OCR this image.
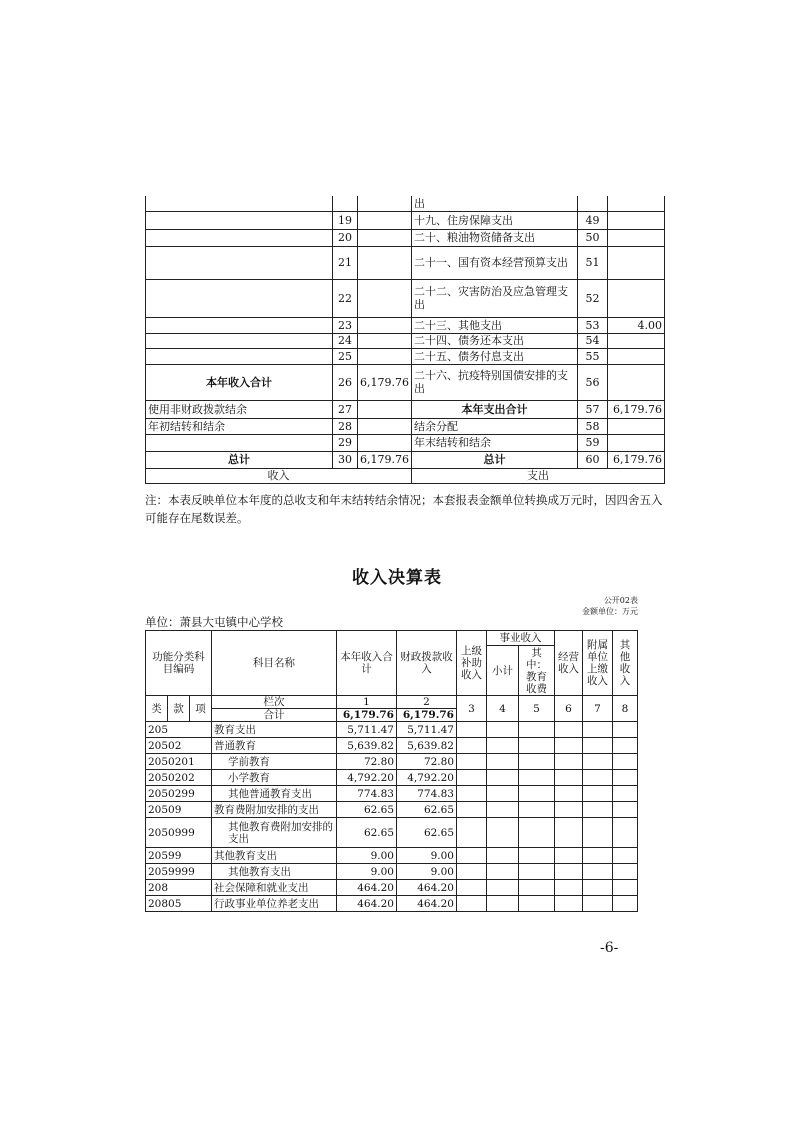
			出		
	19		十九、住房保障支出	49	
	20		二十、粮油物资储备支出	50	
	21		二十一、国有资本经营预算支出	51	
	22		二十二、灾害防治及应急管理支出	52	
	23		二十三、其他支出	53	4.00
	24		二十四、债务还本支出	54	
	25		二十五、债务付息支出	55	
本年收入合计	26	6,179.76	二十六、抗疫特别国债安排的支出	56	
使用非财政拨款结余	27		本年支出合计	57	6,179.76
年初结转和结余	28		结余分配	58	
	29		年末结转和结余	59	
总计	30	6,179.76	总计	60	6,179.76
收入			支出		
注：本表反映单位本年度的总收支和年末结转结余情况；本套报表金额单位转换成万元时，因四舍五入可能存在尾数误差。
收入决算表
公开02表
金额单位：万元
单位：萧县大屯镇中心学校
功能分类科目编码			科目名称	本年收入合计	财政拨款收入	上级补助收入	事业收入		经营收入	附属单位上缴收入	其他收入
							小计	其中：教育收费			
类	款	项	栏次	1	2	3	4	5	6	7	8
			合计	6,179.76	6,179.76						
205			教育支出	5,711.47	5,711.47						
20502			普通教育	5,639.82	5,639.82						
2050201			学前教育	72.80	72.80						
2050202			小学教育	4,792.20	4,792.20						
2050299			其他普通教育支出	774.83	774.83						
20509			教育费附加安排的支出	62.65	62.65						
2050999			其他教育费附加安排的支出	62.65	62.65						
20599			其他教育支出	9.00	9.00						
2059999			其他教育支出	9.00	9.00						
208			社会保障和就业支出	464.20	464.20						
20805			行政事业单位养老支出	464.20	464.20						
-6-
